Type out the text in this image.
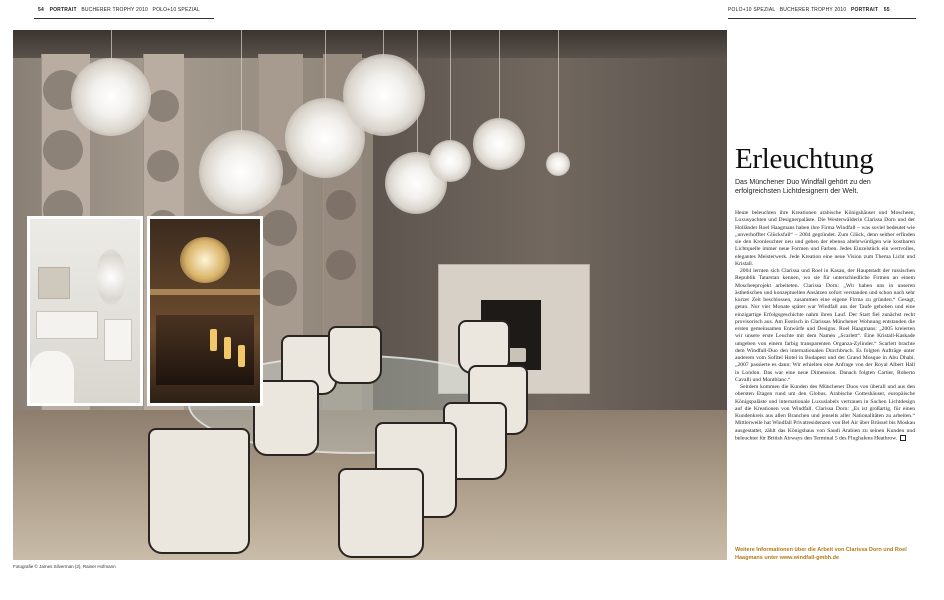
54 PORTRAIT BUCHERER TROPHY 2010 POLO+10 SPEZIAL	POLO+10 SPEZIAL BUCHERER TROPHY 2010 PORTRAIT 55
Fotografie © James Silverman (2), Rainer Hofmann
Erleuchtung
Das Münchener Duo Windfall gehört zu den erfolgreichsten Lichtdesignern der Welt.

Heute beleuchten ihre Kreationen arabische Königshäuser und Moscheen, Luxusyachten und Designerpaläste. Die Westerwälderin Clarissa Dorn und der Holländer Roel Haagmans haben ihre Firma Windfall – was soviel bedeutet wie „unverhoffter Glücksfall“ – 2004 gegründet. Zum Glück, denn seither erfinden sie den Kronleuchter neu und geben der ebenso altehrwürdigen wie kostbaren Lichtquelle immer neue Formen und Farben. Jedes Einzelstück ein wertvolles, elegantes Meisterwerk. Jede Kreation eine neue Vision zum Thema Licht und Kristall.

2004 lernten sich Clarissa und Roel in Kasan, der Hauptstadt der russischen Republik Tatarstan kennen, wo sie für unterschiedliche Firmen an einem Moscheeprojekt arbeiteten. Clarissa Dorn: „Wir haben uns in unseren ästhetischen und konzeptuellen Ansätzen sofort verstanden und schon nach sehr kurzer Zeit beschlossen, zusammen eine eigene Firma zu gründen.“ Gesagt, getan. Nur vier Monate später war Windfall aus der Taufe gehoben und eine einzigartige Erfolgsgeschichte nahm ihren Lauf. Der Start fiel zunächst recht provisorisch aus. Am Esstisch in Clarissas Münchener Wohnung entstanden die ersten gemeinsamen Entwürfe und Designs. Roel Haagmans: „2005 kreierten wir unsere erste Leuchte mit dem Namen „Scarlett“. Eine Kristall-Kaskade umgeben von einem farbig transparenten Organza-Zylinder.“ Scarlett brachte dem Windfall-Duo den internationalen Durchbruch. Es folgten Aufträge unter anderem vom Sofitel Hotel in Budapest und der Grand Mosque in Abu Dhabi. „2007 passierte es dann: Wir erhielten eine Anfrage von der Royal Albert Hall in London. Das war eine neue Dimension. Danach folgten Cartier, Roberto Cavalli und Montblanc.“

Seitdem kommen die Kunden des Münchener Duos von überall und aus den obersten Etagen rund um den Globus. Arabische Gotteshäuser, europäische Königspaläste und internationale Luxuslabels vertrauen in Sachen Lichtdesign auf die Kreationen von Windfall. Clarissa Dorn: „Es ist großartig, für einen Kundenkreis aus allen Branchen und jenseits aller Nationalitäten zu arbeiten.“ Mittlerweile hat Windfall Privatresidenzen von Bel Air über Brüssel bis Moskau ausgestattet, zählt das Königshaus von Saudi Arabien zu seinen Kunden und beleuchtet für British Airways den Terminal 5 des Flughafens Heathrow.

Weitere Informationen über die Arbeit von Clarissa Dorn und Roel Haagmans unter www.windfall-gmbh.de
